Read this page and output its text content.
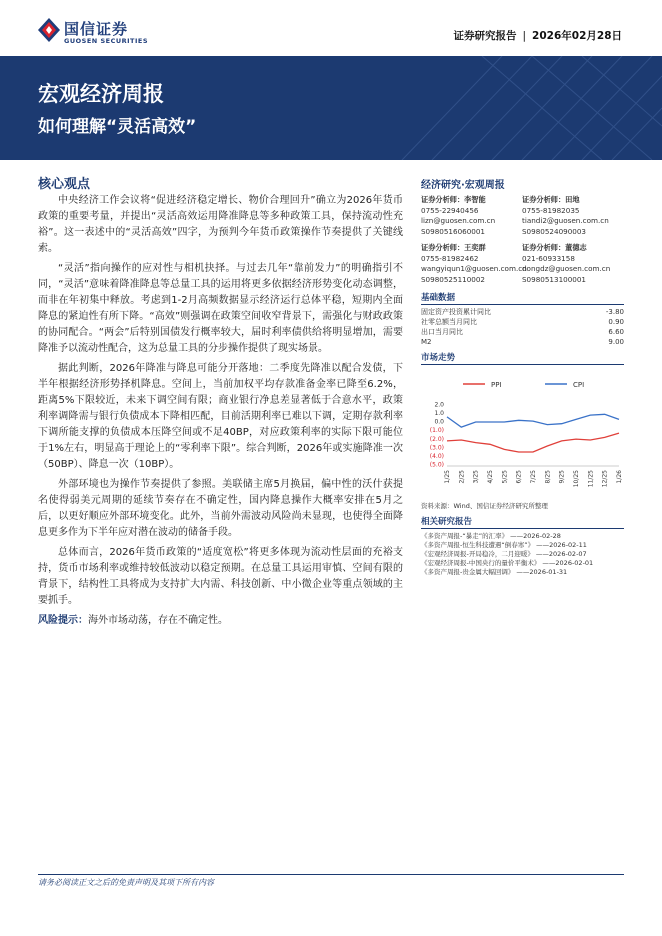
国信证券
GUOSEN SECURITIES	证券研究报告 | 2026年02月28日
宏观经济周报
如何理解“灵活高效”
核心观点

中央经济工作会议将“促进经济稳定增长、物价合理回升”确立为2026年货币政策的重要考量，并提出“灵活高效运用降准降息等多种政策工具，保持流动性充裕”。这一表述中的“灵活高效”四字，为预判今年货币政策操作节奏提供了关键线索。

“灵活”指向操作的应对性与相机抉择。与过去几年“靠前发力”的明确指引不同，“灵活”意味着降准降息等总量工具的运用将更多依据经济形势变化动态调整，而非在年初集中释放。考虑到1-2月高频数据显示经济运行总体平稳，短期内全面降息的紧迫性有所下降。“高效”则强调在政策空间收窄背景下，需强化与财政政策的协同配合。“两会”后特别国债发行概率较大，届时利率债供给将明显增加，需要降准予以流动性配合，这为总量工具的分步操作提供了现实场景。

据此判断，2026年降准与降息可能分开落地：二季度先降准以配合发债，下半年根据经济形势择机降息。空间上，当前加权平均存款准备金率已降至6.2%，距离5%下限较近，未来下调空间有限；商业银行净息差显著低于合意水平，政策利率调降需与银行负债成本下降相匹配，目前活期利率已难以下调，定期存款利率下调所能支撑的负债成本压降空间或不足40BP，对应政策利率的实际下限可能位于1%左右，明显高于理论上的“零利率下限”。综合判断，2026年或实施降准一次（50BP）、降息一次（10BP）。

外部环境也为操作节奏提供了参照。美联储主席5月换届，偏中性的沃什获提名使得弱美元周期的延续节奏存在不确定性，国内降息操作大概率安排在5月之后，以更好顺应外部环境变化。此外，当前外需波动风险尚未显现，也使得全面降息更多作为下半年应对潜在波动的储备手段。

总体而言，2026年货币政策的“适度宽松”将更多体现为流动性层面的充裕支持，货币市场利率或维持较低波动以稳定预期。在总量工具运用审慎、空间有限的背景下，结构性工具将成为支持扩大内需、科技创新、中小微企业等重点领域的主要抓手。

风险提示：海外市场动荡，存在不确定性。

经济研究·宏观周报
证券分析师：李智能
0755-22940456
lizn@guosen.com.cn
S0980516060001
证券分析师：田地
0755-81982035
tiandi2@guosen.com.cn
S0980524090003
证券分析师：王奕群
0755-81982462
wangyiqun1@guosen.com.cn
S0980525110002
证券分析师：董德志
021-60933158
dongdz@guosen.com.cn
S0980513100001
基础数据
固定资产投资累计同比	-3.80
社零总额当月同比	0.90
出口当月同比	6.60
M2	9.00
市场走势
PPI	CPI
2.0
1.0
0.0
(1.0)
(2.0)
(3.0)
(4.0)
(5.0)
1/25 2/25 3/25 4/25 5/25 6/25 7/25 8/25 9/25 10/25 11/25 12/25 1/26
资料来源：Wind、国信证券经济研究所整理
相关研究报告
《多资产周报-“暴走”的汇率》 ——2026-02-28
《多资产周报-恒生科技遭遇“倒春寒”》 ——2026-02-11
《宏观经济周报-开局稳冷，二月迎暖》 ——2026-02-07
《宏观经济周报-中国央行的量价平衡术》 ——2026-02-01
《多资产周报-贵金属大幅回调》 ——2026-01-31
请务必阅读正文之后的免责声明及其项下所有内容
